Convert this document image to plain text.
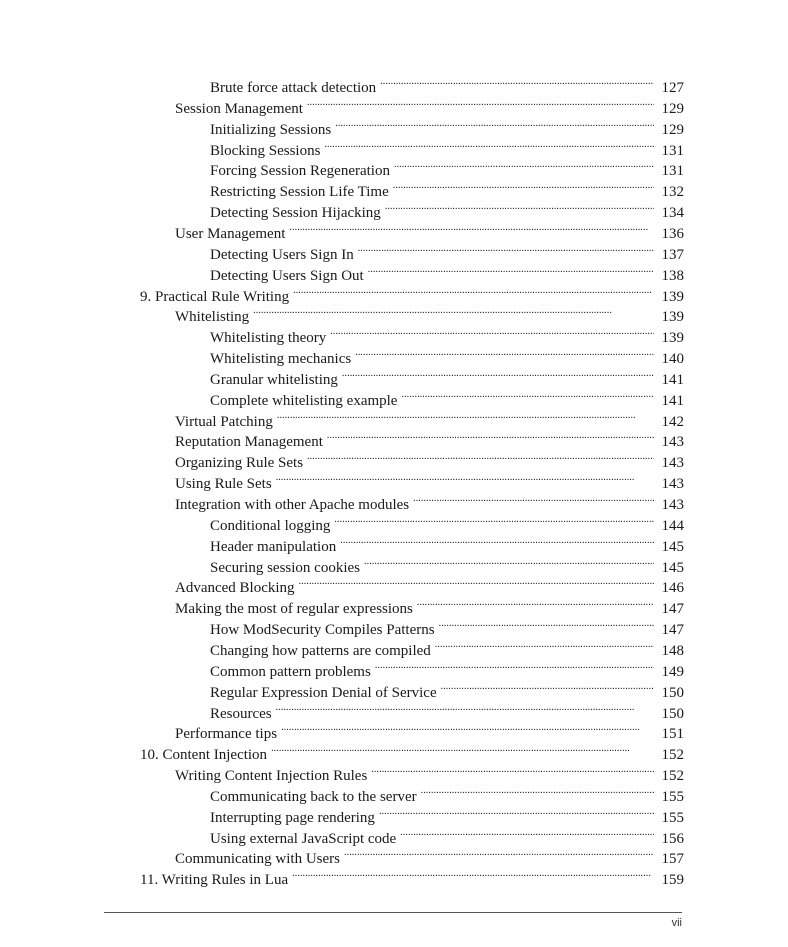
Brute force attack detection . . .	127
Session Management . . .	129
Initializing Sessions . . .	129
Blocking Sessions . . .	131
Forcing Session Regeneration . . .	131
Restricting Session Life Time . . .	132
Detecting Session Hijacking . . .	134
User Management . . .	136
Detecting Users Sign In . . .	137
Detecting Users Sign Out . . .	138
9. Practical Rule Writing . . .	139
Whitelisting . . .	139
Whitelisting theory . . .	139
Whitelisting mechanics . . .	140
Granular whitelisting . . .	141
Complete whitelisting example . . .	141
Virtual Patching . . .	142
Reputation Management . . .	143
Organizing Rule Sets . . .	143
Using Rule Sets . . .	143
Integration with other Apache modules . . .	143
Conditional logging . . .	144
Header manipulation . . .	145
Securing session cookies . . .	145
Advanced Blocking . . .	146
Making the most of regular expressions . . .	147
How ModSecurity Compiles Patterns . . .	147
Changing how patterns are compiled . . .	148
Common pattern problems . . .	149
Regular Expression Denial of Service . . .	150
Resources . . .	150
Performance tips . . .	151
10. Content Injection . . .	152
Writing Content Injection Rules . . .	152
Communicating back to the server . . .	155
Interrupting page rendering . . .	155
Using external JavaScript code . . .	156
Communicating with Users . . .	157
11. Writing Rules in Lua . . .	159
vii
